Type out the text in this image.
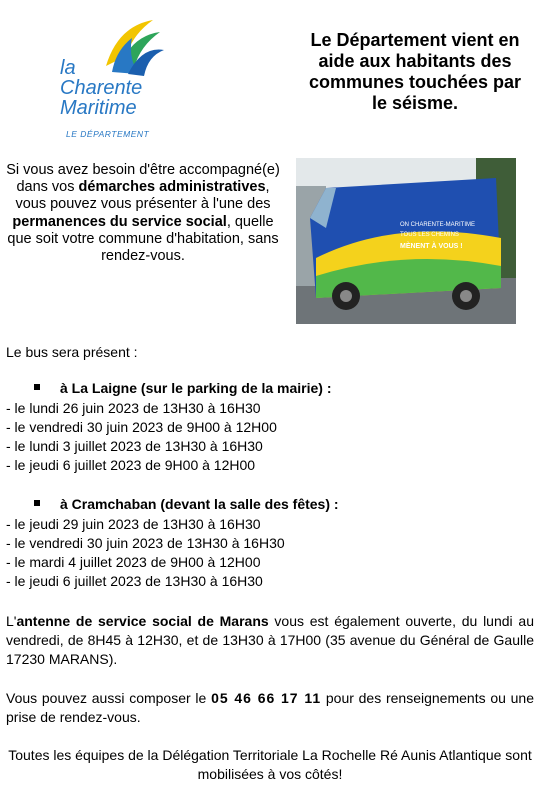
la
Charente
Maritime
LE DÉPARTEMENT
Le Département vient en aide aux habitants des communes touchées par le séisme.
Si vous avez besoin d'être accompagné(e) dans vos démarches administratives, vous pouvez vous présenter à l'une des permanences du service social, quelle que soit votre commune d'habitation, sans rendez-vous.
ON CHARENTE-MARITIME
TOUS LES CHEMINS
MÈNENT À VOUS !
Le bus sera présent :
à La Laigne (sur le parking de la mairie) :
- le lundi 26 juin 2023 de 13H30 à 16H30
- le vendredi 30 juin 2023 de 9H00 à 12H00
- le lundi 3 juillet 2023 de 13H30 à 16H30
- le jeudi 6 juillet 2023 de 9H00 à 12H00
à Cramchaban (devant la salle des fêtes) :
- le jeudi 29 juin 2023 de 13H30 à 16H30
- le vendredi 30 juin 2023 de 13H30 à 16H30
- le mardi 4 juillet 2023 de 9H00 à 12H00
- le jeudi 6 juillet 2023 de 13H30 à 16H30
L'antenne de service social de Marans vous est également ouverte, du lundi au vendredi, de 8H45 à 12H30, et de 13H30 à 17H00 (35 avenue du Général de Gaulle 17230 MARANS).
Vous pouvez aussi composer le 05 46 66 17 11 pour des renseignements ou une prise de rendez-vous.
Toutes les équipes de la Délégation Territoriale La Rochelle Ré Aunis Atlantique sont mobilisées à vos côtés!
